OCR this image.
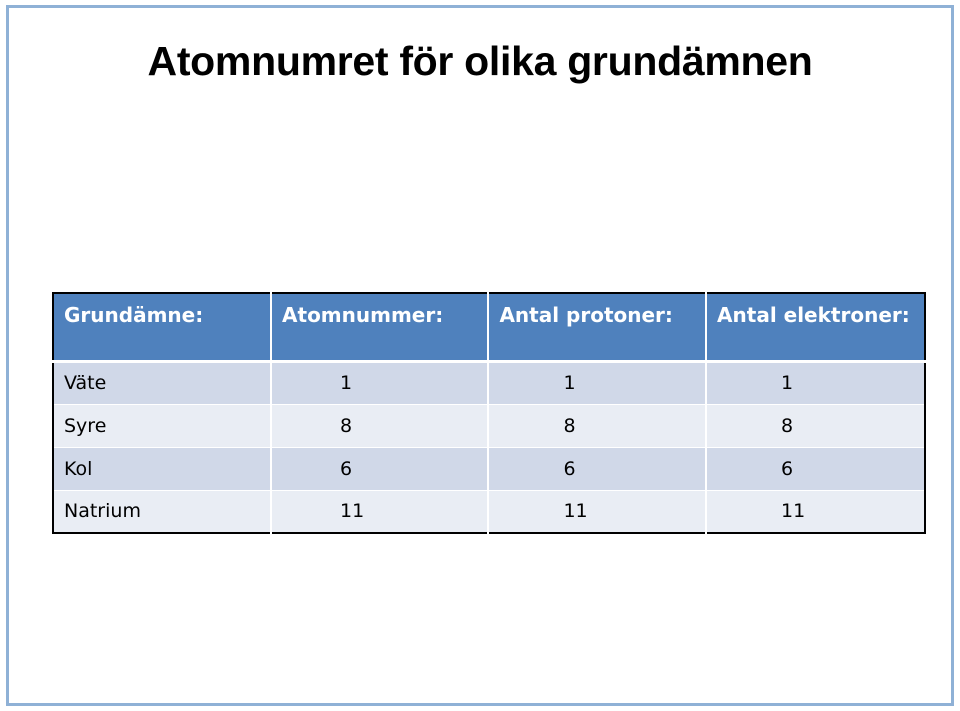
Atomnumret för olika grundämnen
Grundämne:	Atomnummer:	Antal protoner:	Antal elektroner:
Väte	1	1	1
Syre	8	8	8
Kol	6	6	6
Natrium	11	11	11
